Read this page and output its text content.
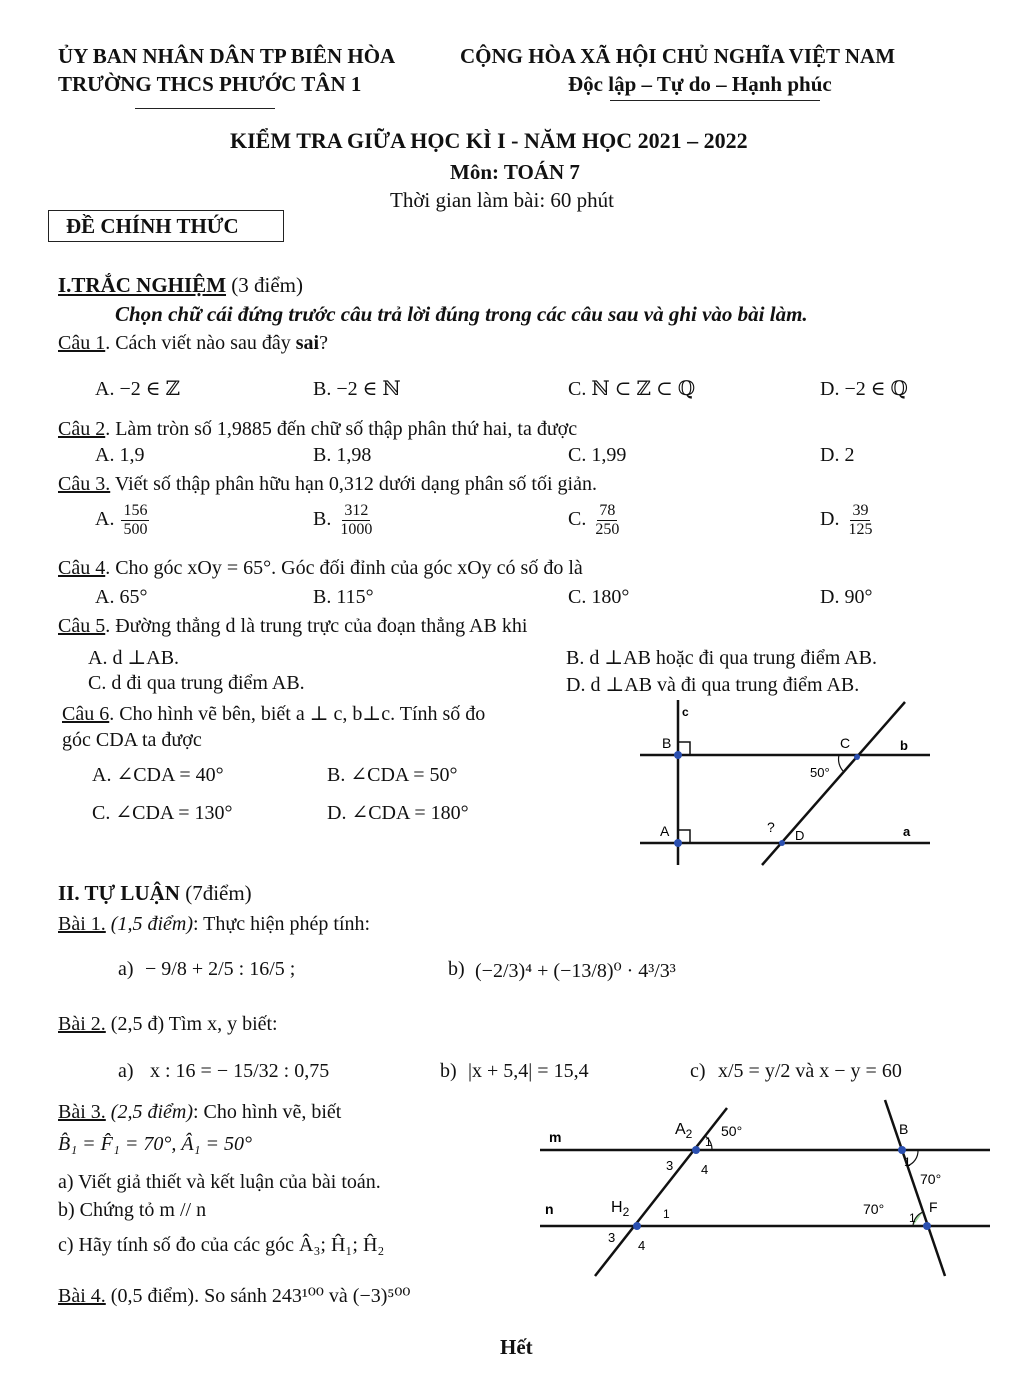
ỦY BAN NHÂN DÂN TP BIÊN HÒA
TRƯỜNG THCS PHƯỚC TÂN 1
CỘNG HÒA XÃ HỘI CHỦ NGHĨA VIỆT NAM
Độc lập – Tự do – Hạnh phúc
KIỂM TRA GIỮA HỌC KÌ I - NĂM HỌC 2021 – 2022
Môn: TOÁN 7
Thời gian làm bài: 60 phút
ĐỀ CHÍNH THỨC
I.TRẮC NGHIỆM (3 điểm)
Chọn chữ cái đứng trước câu trả lời đúng trong các câu sau và ghi vào bài làm.
Câu 1. Cách viết nào sau đây sai?
A. −2 ∈ ℤ	B. −2 ∈ ℕ	C. ℕ ⊂ ℤ ⊂ ℚ	D. −2 ∈ ℚ
Câu 2. Làm tròn số 1,9885 đến chữ số thập phân thứ hai, ta được
A. 1,9	B. 1,98	C. 1,99	D. 2
Câu 3. Viết số thập phân hữu hạn 0,312 dưới dạng phân số tối giản.
A. $\frac{156}{500}$	B. $\frac{312}{1000}$	C. $\frac{78}{250}$	D. $\frac{39}{125}$
Câu 4. Cho góc xOy = 65°. Góc đối đỉnh của góc xOy có số đo là
A. 65°	B. 115°	C. 180°	D. 90°
Câu 5. Đường thẳng d là trung trực của đoạn thẳng AB khi
A. d ⊥AB.	B. d ⊥AB hoặc đi qua trung điểm AB.
C. d đi qua trung điểm AB.	D. d ⊥AB và đi qua trung điểm AB.
Câu 6. Cho hình vẽ bên, biết a ⊥ c, b⊥c. Tính số đo
góc CDA ta được
A. ∠CDA = 40°	B. ∠CDA = 50°
C. ∠CDA = 130°	D. ∠CDA = 180°
c
B	C	b
50°
?
A	D	a
II. TỰ LUẬN (7điểm)
Bài 1. (1,5 điểm): Thực hiện phép tính:
a) − 9/8 + 2/5 : 16/5 ;	b) (−2/3)⁴ + (−13/8)⁰ · 4³/3³
Bài 2. (2,5 đ) Tìm x, y biết:
a) x : 16 = − 15/32 : 0,75	b) |x + 5,4| = 15,4	c) x/5 = y/2 và x − y = 60
Bài 3. (2,5 điểm): Cho hình vẽ, biết
B̂₁ = F̂₁ = 70°, Â₁ = 50°
a) Viết giả thiết và kết luận của bài toán.
b) Chứng tỏ m // n
c) Hãy tính số đo của các góc Â₃; Ĥ₁; Ĥ₂
m
n
$A_2$
1
50°	B
1
70°
3 4
$H_2$	1	70°
1
F
3
4
Bài 4. (0,5 điểm). So sánh 243¹⁰⁰ và (−3)⁵⁰⁰
Hết
